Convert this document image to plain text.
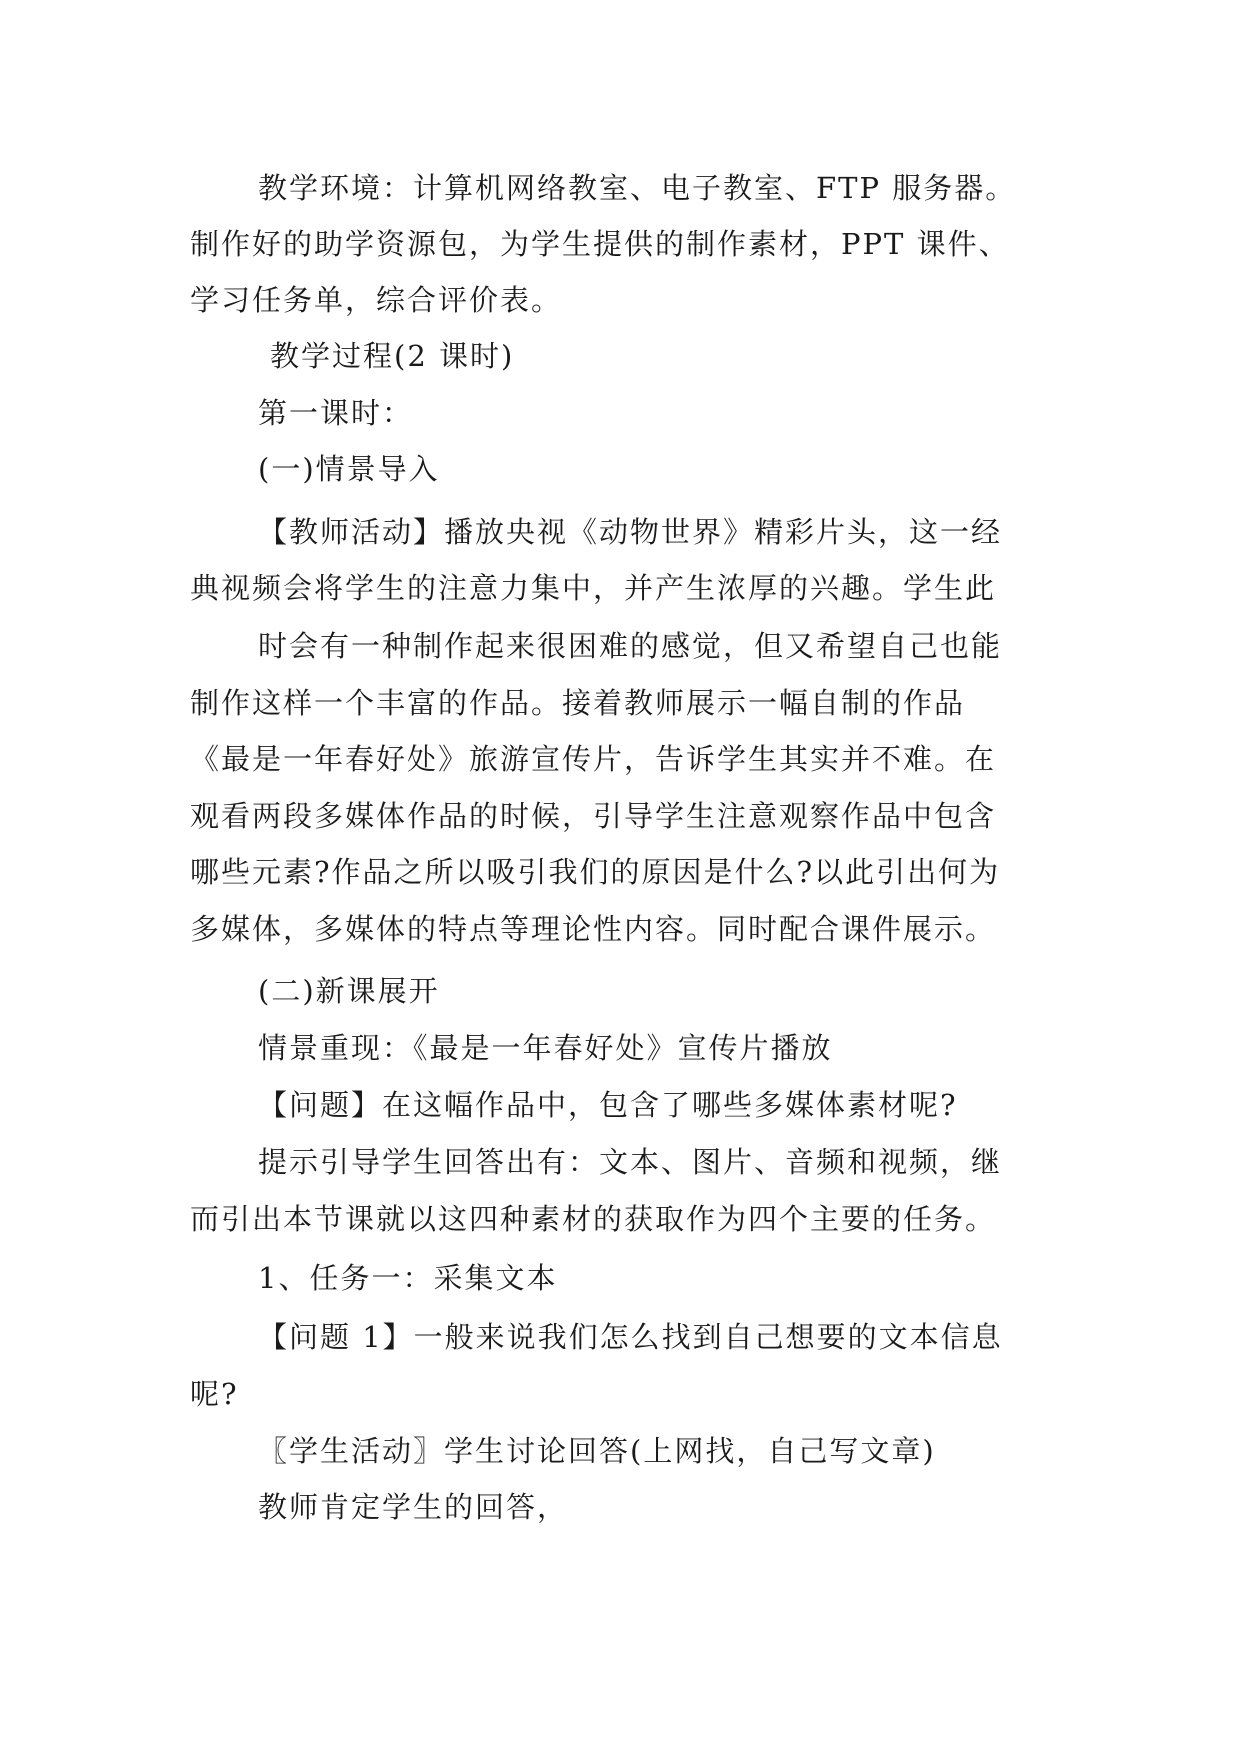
教学环境：计算机网络教室、电子教室、FTP 服务器。
制作好的助学资源包，为学生提供的制作素材，PPT 课件、
学习任务单，综合评价表。
教学过程(2 课时)
第一课时：
(一)情景导入
【教师活动】播放央视《动物世界》精彩片头，这一经
典视频会将学生的注意力集中，并产生浓厚的兴趣。学生此
时会有一种制作起来很困难的感觉，但又希望自己也能
制作这样一个丰富的作品。接着教师展示一幅自制的作品
《最是一年春好处》旅游宣传片，告诉学生其实并不难。在
观看两段多媒体作品的时候，引导学生注意观察作品中包含
哪些元素?作品之所以吸引我们的原因是什么?以此引出何为
多媒体，多媒体的特点等理论性内容。同时配合课件展示。
(二)新课展开
情景重现：《最是一年春好处》宣传片播放
【问题】在这幅作品中，包含了哪些多媒体素材呢?
提示引导学生回答出有：文本、图片、音频和视频，继
而引出本节课就以这四种素材的获取作为四个主要的任务。
1、任务一：采集文本
【问题 1】一般来说我们怎么找到自己想要的文本信息
呢?
〖学生活动〗学生讨论回答(上网找，自己写文章)
教师肯定学生的回答，
